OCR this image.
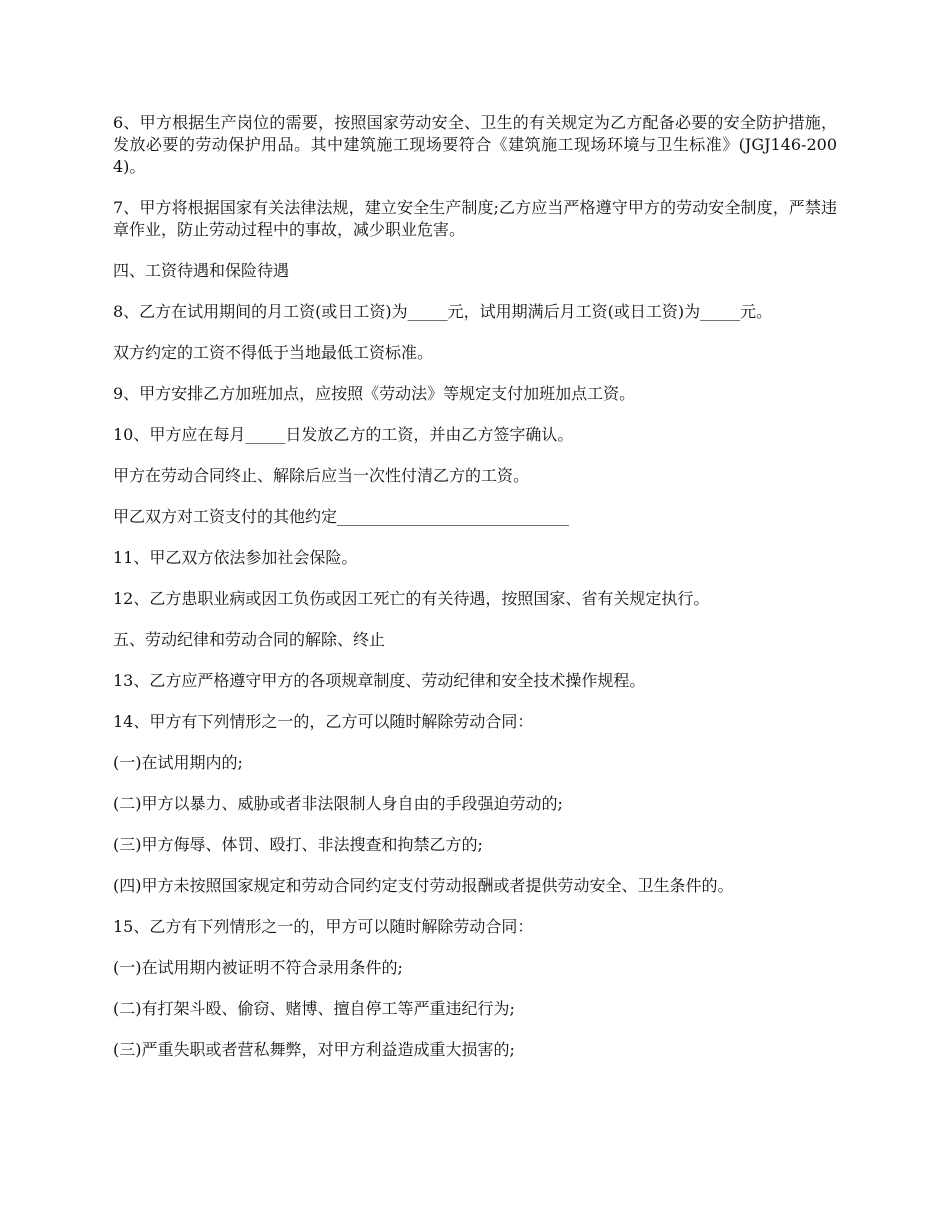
6、甲方根据生产岗位的需要，按照国家劳动安全、卫生的有关规定为乙方配备必要的安全防护措施，发放必要的劳动保护用品。其中建筑施工现场要符合《建筑施工现场环境与卫生标准》(JGJ146-2004)。

7、甲方将根据国家有关法律法规，建立安全生产制度;乙方应当严格遵守甲方的劳动安全制度，严禁违章作业，防止劳动过程中的事故，减少职业危害。

四、工资待遇和保险待遇

8、乙方在试用期间的月工资(或日工资)为_____元，试用期满后月工资(或日工资)为_____元。

双方约定的工资不得低于当地最低工资标准。

9、甲方安排乙方加班加点，应按照《劳动法》等规定支付加班加点工资。

10、甲方应在每月_____日发放乙方的工资，并由乙方签字确认。

甲方在劳动合同终止、解除后应当一次性付清乙方的工资。

甲乙双方对工资支付的其他约定_____________________________

11、甲乙双方依法参加社会保险。

12、乙方患职业病或因工负伤或因工死亡的有关待遇，按照国家、省有关规定执行。

五、劳动纪律和劳动合同的解除、终止

13、乙方应严格遵守甲方的各项规章制度、劳动纪律和安全技术操作规程。

14、甲方有下列情形之一的，乙方可以随时解除劳动合同：

(一)在试用期内的;

(二)甲方以暴力、威胁或者非法限制人身自由的手段强迫劳动的;

(三)甲方侮辱、体罚、殴打、非法搜查和拘禁乙方的;

(四)甲方未按照国家规定和劳动合同约定支付劳动报酬或者提供劳动安全、卫生条件的。

15、乙方有下列情形之一的，甲方可以随时解除劳动合同：

(一)在试用期内被证明不符合录用条件的;

(二)有打架斗殴、偷窃、赌博、擅自停工等严重违纪行为;

(三)严重失职或者营私舞弊，对甲方利益造成重大损害的;
